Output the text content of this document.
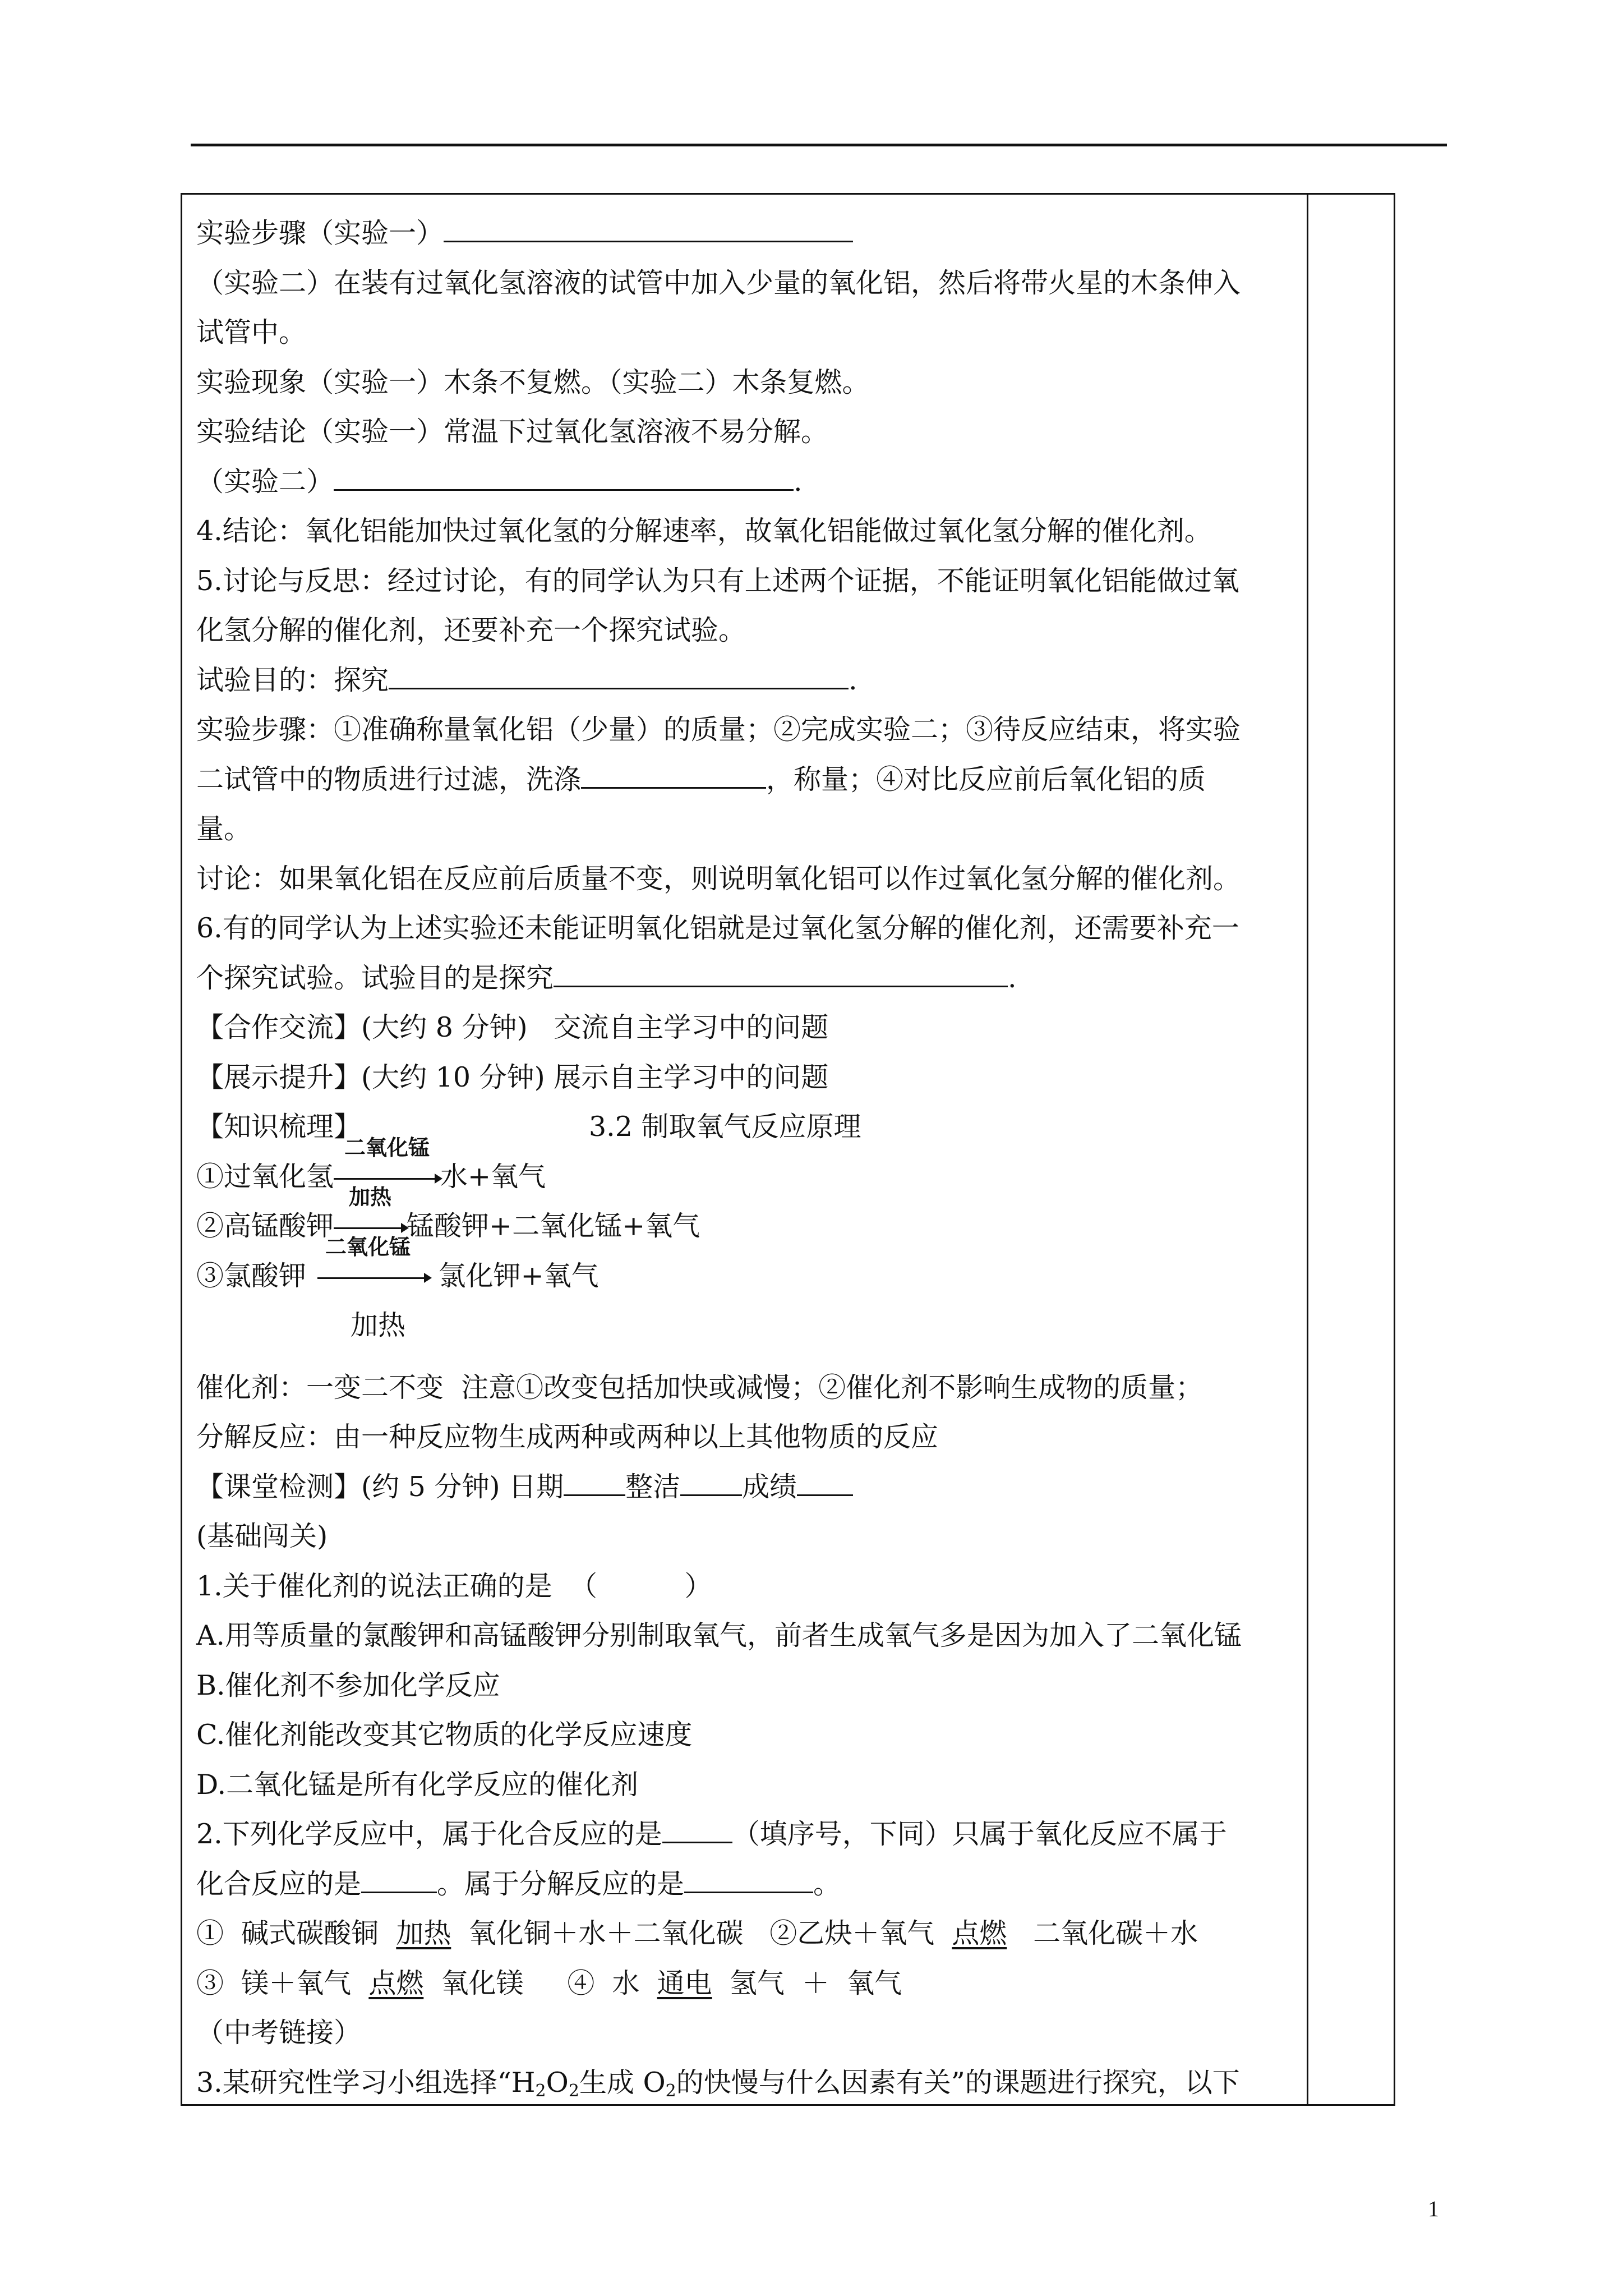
实验步骤（实验一）
（实验二）在装有过氧化氢溶液的试管中加入少量的氧化铝，然后将带火星的木条伸入
试管中。
实验现象（实验一）木条不复燃。（实验二）木条复燃。
实验结论（实验一）常温下过氧化氢溶液不易分解。
（实验二）	.
4.结论：氧化铝能加快过氧化氢的分解速率，故氧化铝能做过氧化氢分解的催化剂。
5.讨论与反思：经过讨论，有的同学认为只有上述两个证据，不能证明氧化铝能做过氧
化氢分解的催化剂，还要补充一个探究试验。
试验目的：探究	.
实验步骤：①准确称量氧化铝（少量）的质量；②完成实验二；③待反应结束，将实验
二试管中的物质进行过滤，洗涤	，称量；④对比反应前后氧化铝的质
量。
讨论：如果氧化铝在反应前后质量不变，则说明氧化铝可以作过氧化氢分解的催化剂。
6.有的同学认为上述实验还未能证明氧化铝就是过氧化氢分解的催化剂，还需要补充一
个探究试验。试验目的是探究	.
【合作交流】(大约 8 分钟)   交流自主学习中的问题
【展示提升】(大约 10 分钟) 展示自主学习中的问题
【知识梳理】	3.2 制取氧气反应原理
①过氧化氢
二氧化锰
水+氧气
②高锰酸钾
加热
锰酸钾+二氧化锰+氧气
③氯酸钾
二氧化锰
氯化钾+氧气
加热
催化剂：一变二不变  注意①改变包括加快或减慢；②催化剂不影响生成物的质量；
分解反应：由一种反应物生成两种或两种以上其他物质的反应
【课堂检测】(约 5 分钟) 日期 整洁 成绩
(基础闯关)
1.关于催化剂的说法正确的是  （          ）
A.用等质量的氯酸钾和高锰酸钾分别制取氧气，前者生成氧气多是因为加入了二氧化锰
B.催化剂不参加化学反应
C.催化剂能改变其它物质的化学反应速度
D.二氧化锰是所有化学反应的催化剂
2.下列化学反应中，属于化合反应的是	（填序号，下同）只属于氧化反应不属于
化合反应的是	。属于分解反应的是	。
①  碱式碳酸铜  加热  氧化铜＋水＋二氧化碳   ②乙炔＋氧气  点燃   二氧化碳＋水
③  镁＋氧气  点燃  氧化镁     ④  水  通电  氢气  ＋  氧气
（中考链接）
3.某研究性学习小组选择“$H_2O_2$生成 $O_2$的快慢与什么因素有关”的课题进行探究，以下
1
